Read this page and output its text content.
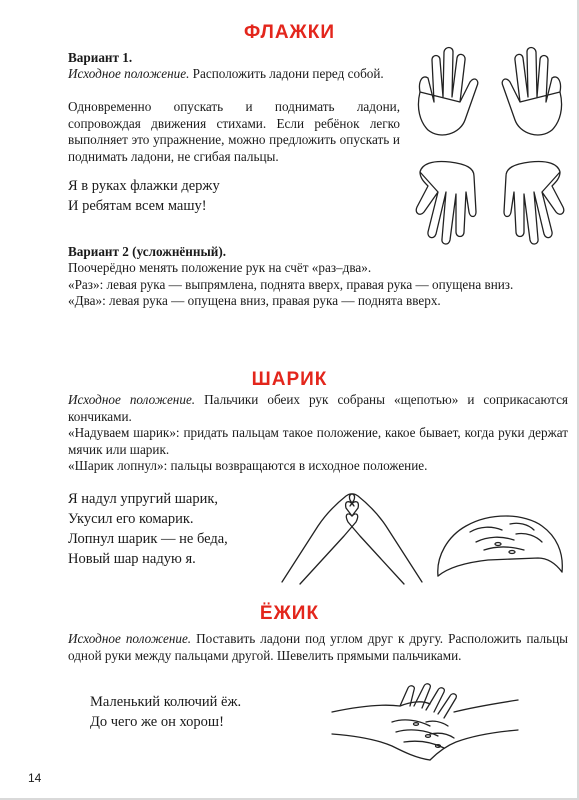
ФЛАЖКИ
Вариант 1.
Исходное положение. Расположить ладони перед собой.
Одновременно опускать и поднимать ладони, сопровождая движения стихами. Если ребёнок легко выполняет это упражнение, можно предложить опускать и поднимать ладони, не сгибая пальцы.
Я в руках флажки держу
И ребятам всем машу!
Вариант 2 (усложнённый).
Поочерёдно менять положение рук на счёт «раз–два».
«Раз»: левая рука — выпрямлена, поднята вверх, правая рука — опущена вниз.
«Два»: левая рука — опущена вниз, правая рука — поднята вверх.
ШАРИК
Исходное положение. Пальчики обеих рук собраны «щепотью» и соприкасаются кончиками.
«Надуваем шарик»: придать пальцам такое положение, какое бывает, когда руки держат мячик или шарик.
«Шарик лопнул»: пальцы возвращаются в исходное положение.
Я надул упругий шарик,
Укусил его комарик.
Лопнул шарик — не беда,
Новый шар надую я.
ЁЖИК
Исходное положение. Поставить ладони под углом друг к другу. Расположить пальцы одной руки между пальцами другой. Шевелить прямыми пальчиками.
Маленький колючий ёж.
До чего же он хорош!
14
